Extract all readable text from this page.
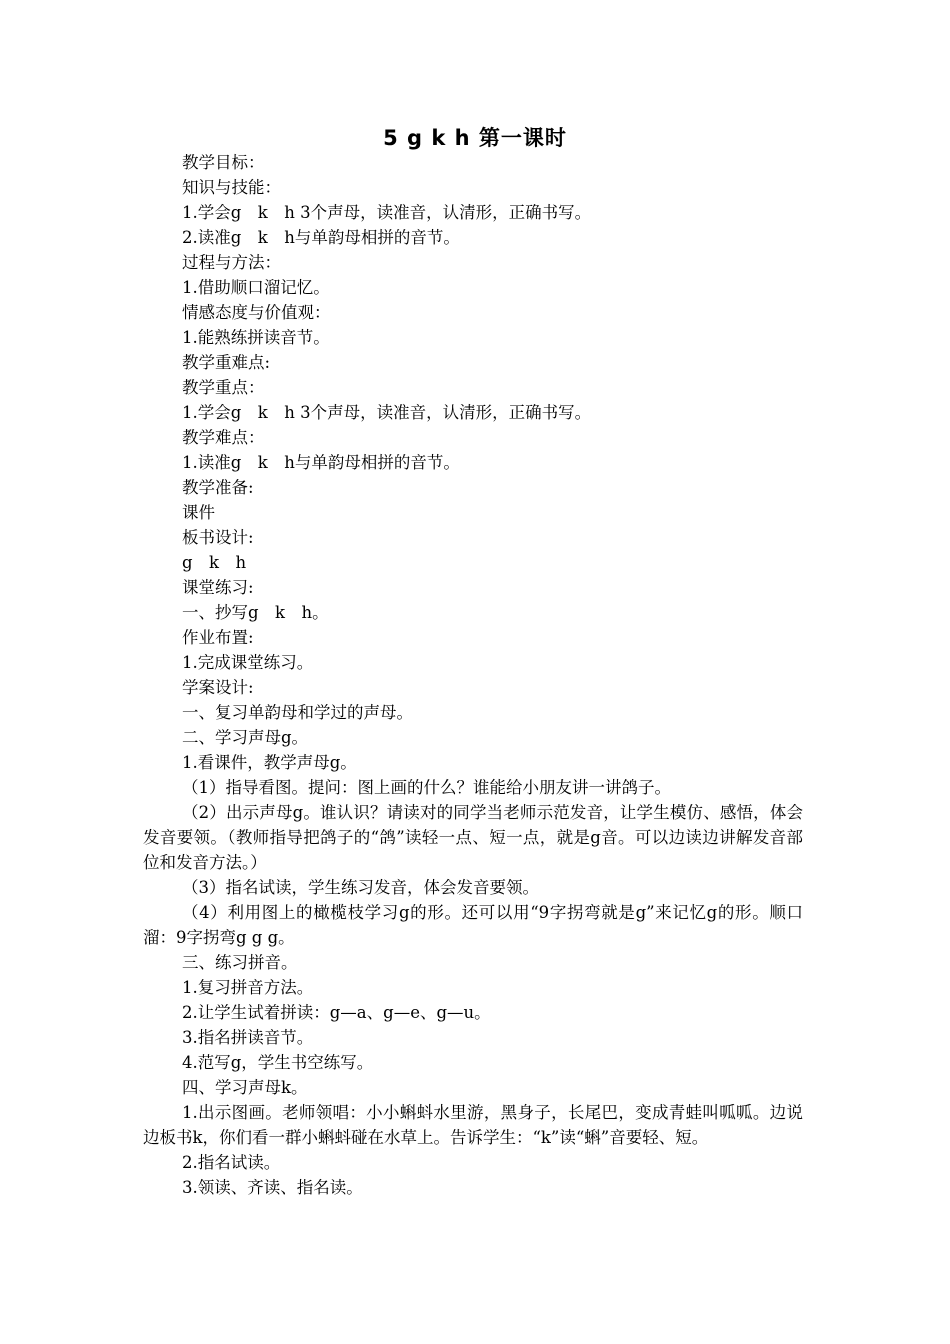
5 g k h 第一课时

教学目标：

知识与技能：

1.学会g　k　h 3个声母，读准音，认清形，正确书写。

2.读准g　k　h与单韵母相拼的音节。

过程与方法：

1.借助顺口溜记忆。

情感态度与价值观：

1.能熟练拼读音节。

教学重难点:

教学重点：

1.学会g　k　h 3个声母，读准音，认清形，正确书写。

教学难点：

1.读准g　k　h与单韵母相拼的音节。

教学准备:

课件

板书设计:

g　k　h

课堂练习:

一、抄写g　k　h。

作业布置:

1.完成课堂练习。

学案设计:

一、复习单韵母和学过的声母。

二、学习声母g。

1.看课件，教学声母g。

（1）指导看图。提问：图上画的什么？谁能给小朋友讲一讲鸽子。

（2）出示声母g。谁认识？请读对的同学当老师示范发音，让学生模仿、感悟，体会发音要领。（教师指导把鸽子的“鸽”读轻一点、短一点，就是g音。可以边读边讲解发音部位和发音方法。）

（3）指名试读，学生练习发音，体会发音要领。

（4）利用图上的橄榄枝学习g的形。还可以用“9字拐弯就是g”来记忆g的形。顺口溜：9字拐弯g g g。

三、练习拼音。

1.复习拼音方法。

2.让学生试着拼读：g—a、g—e、g—u。

3.指名拼读音节。

4.范写g，学生书空练写。

四、学习声母k。

1.出示图画。老师领唱：小小蝌蚪水里游，黑身子，长尾巴，变成青蛙叫呱呱。边说边板书k，你们看一群小蝌蚪碰在水草上。告诉学生：“k”读“蝌”音要轻、短。

2.指名试读。

3.领读、齐读、指名读。
